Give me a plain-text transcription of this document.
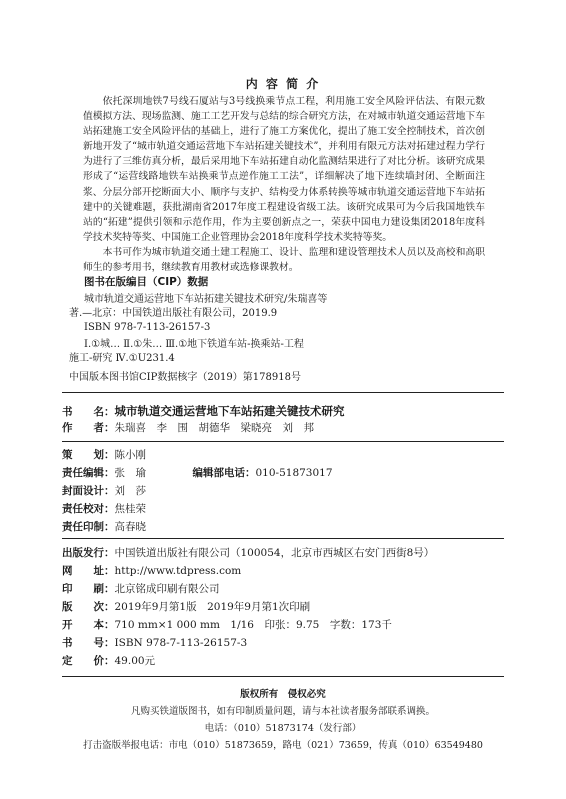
内 容 简 介

依托深圳地铁7号线石厦站与3号线换乘节点工程，利用施工安全风险评估法、有限元数值模拟方法、现场监测、施工工艺开发与总结的综合研究方法，在对城市轨道交通运营地下车站拓建施工安全风险评估的基础上，进行了施工方案优化，提出了施工安全控制技术，首次创新地开发了“城市轨道交通运营地下车站拓建关键技术”，并利用有限元方法对拓建过程力学行为进行了三维仿真分析，最后采用地下车站拓建自动化监测结果进行了对比分析。该研究成果形成了“运营线路地铁车站换乘节点逆作施工工法”，详细解决了地下连续墙封闭、全断面注浆、分层分部开挖断面大小、顺序与支护、结构受力体系转换等城市轨道交通运营地下车站拓建中的关键难题，获批湖南省2017年度工程建设省级工法。该研究成果可为今后我国地铁车站的“拓建”提供引领和示范作用，作为主要创新点之一，荣获中国电力建设集团2018年度科学技术奖特等奖、中国施工企业管理协会2018年度科学技术奖特等奖。

本书可作为城市轨道交通土建工程施工、设计、监理和建设管理技术人员以及高校和高职师生的参考用书，继续教育用教材或选修课教材。

图书在版编目（CIP）数据
城市轨道交通运营地下车站拓建关键技术研究/朱瑞喜等
著.—北京：中国铁道出版社有限公司，2019.9
ISBN 978-7-113-26157-3
Ⅰ.①城… Ⅱ.①朱… Ⅲ.①地下铁道车站-换乘站-工程
施工-研究 Ⅳ.①U231.4
中国版本图书馆CIP数据核字（2019）第178918号
书　　名：城市轨道交通运营地下车站拓建关键技术研究
作　　者：朱瑞喜　李　围　胡德华　梁晓亮　刘　邦
策　　划：陈小刚
责任编辑：张　瑜	编辑部电话：010-51873017
封面设计：刘　莎
责任校对：焦桂荣
责任印制：高春晓
出版发行：中国铁道出版社有限公司（100054，北京市西城区右安门西街8号）
网　　址：http://www.tdpress.com
印　　刷：北京铭成印刷有限公司
版　　次：2019年9月第1版　2019年9月第1次印刷
开　　本：710 mm×1 000 mm　1/16　印张：9.75　字数：173千
书　　号：ISBN 978-7-113-26157-3
定　　价：49.00元
版权所有　侵权必究
凡购买铁道版图书，如有印制质量问题，请与本社读者服务部联系调换。
电话：（010）51873174（发行部）
打击盗版举报电话：市电（010）51873659，路电（021）73659，传真（010）63549480
